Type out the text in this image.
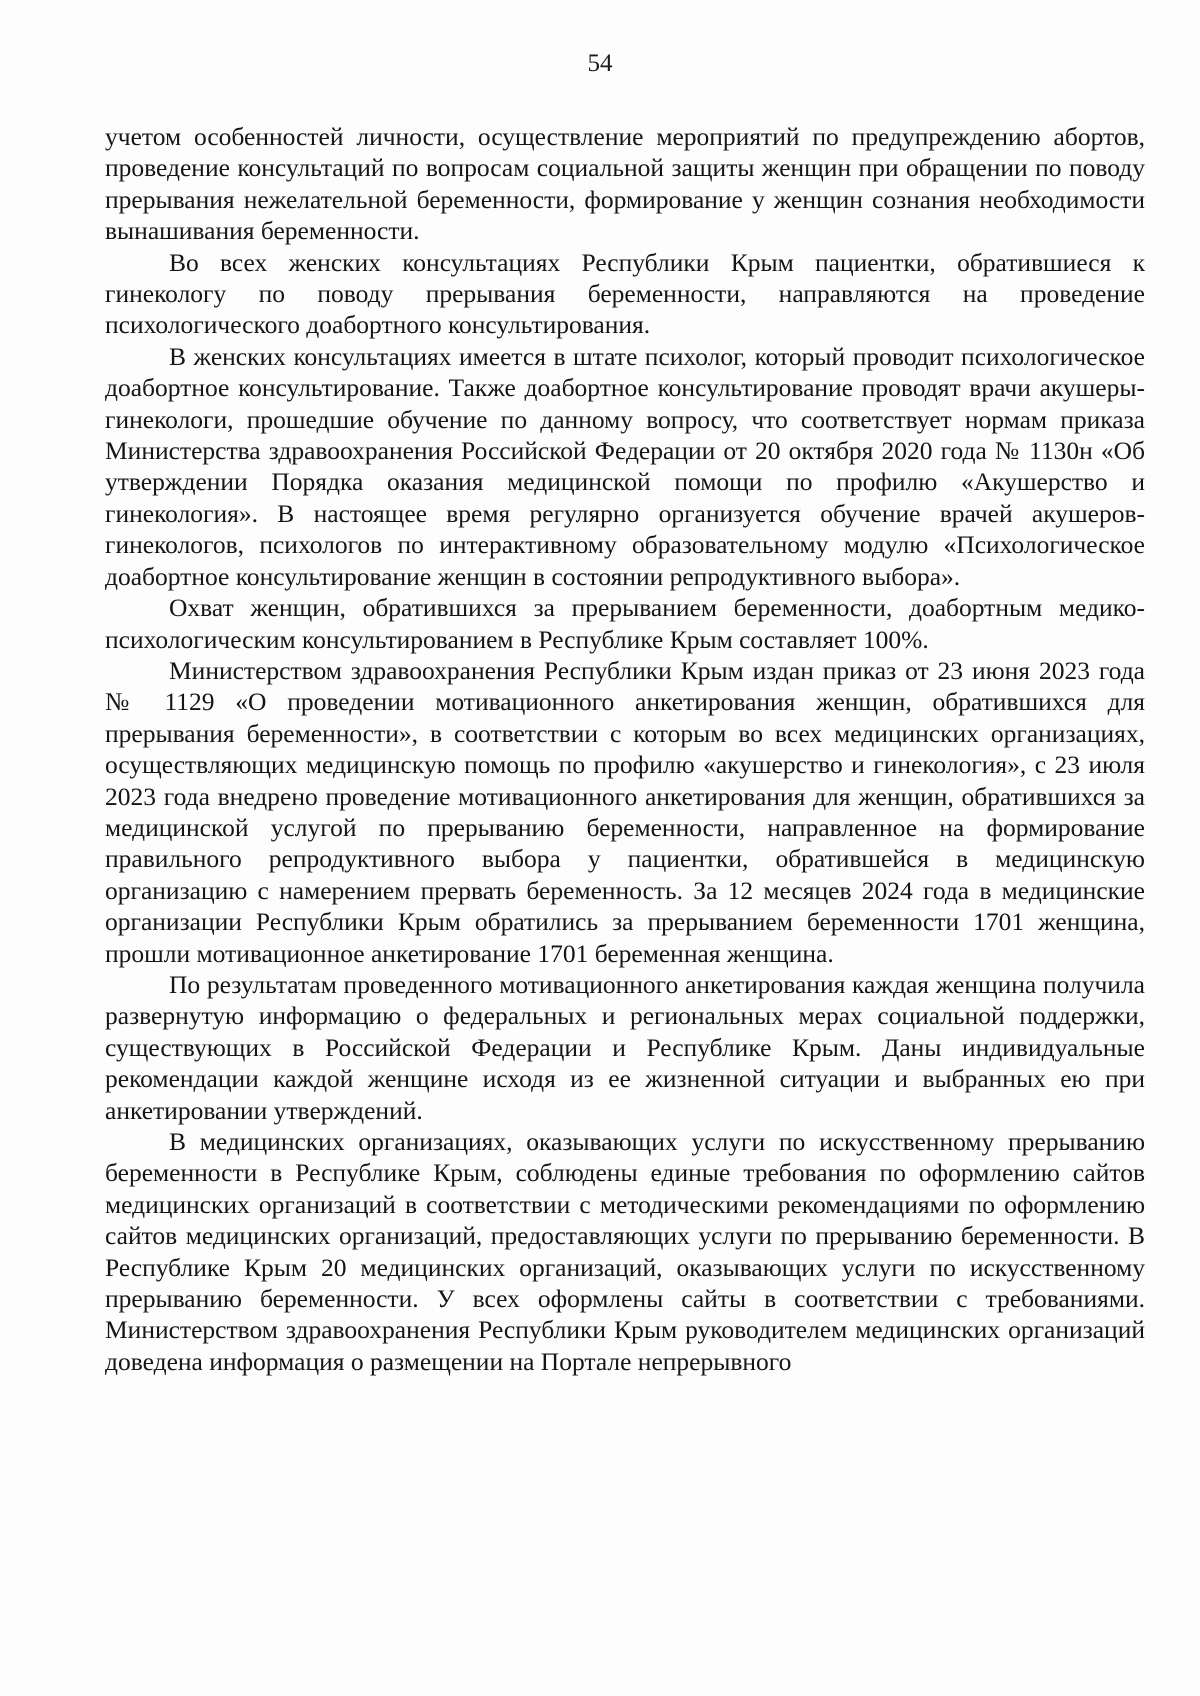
54

учетом особенностей личности, осуществление мероприятий по предупреждению абортов, проведение консультаций по вопросам социальной защиты женщин при обращении по поводу прерывания нежелательной беременности, формирование у женщин сознания необходимости вынашивания беременности.

Во всех женских консультациях Республики Крым пациентки, обратившиеся к гинекологу по поводу прерывания беременности, направляются на проведение психологического доабортного консультирования.

В женских консультациях имеется в штате психолог, который проводит психологическое доабортное консультирование. Также доабортное консультирование проводят врачи акушеры-гинекологи, прошедшие обучение по данному вопросу, что соответствует нормам приказа Министерства здравоохранения Российской Федерации от 20 октября 2020 года № 1130н «Об утверждении Порядка оказания медицинской помощи по профилю «Акушерство и гинекология». В настоящее время регулярно организуется обучение врачей акушеров-гинекологов, психологов по интерактивному образовательному модулю «Психологическое доабортное консультирование женщин в состоянии репродуктивного выбора».

Охват женщин, обратившихся за прерыванием беременности, доабортным медико-психологическим консультированием в Республике Крым составляет 100%.

Министерством здравоохранения Республики Крым издан приказ от 23 июня 2023 года № 1129 «О проведении мотивационного анкетирования женщин, обратившихся для прерывания беременности», в соответствии с которым во всех медицинских организациях, осуществляющих медицинскую помощь по профилю «акушерство и гинекология», с 23 июля 2023 года внедрено проведение мотивационного анкетирования для женщин, обратившихся за медицинской услугой по прерыванию беременности, направленное на формирование правильного репродуктивного выбора у пациентки, обратившейся в медицинскую организацию с намерением прервать беременность. За 12 месяцев 2024 года в медицинские организации Республики Крым обратились за прерыванием беременности 1701 женщина, прошли мотивационное анкетирование 1701 беременная женщина.

По результатам проведенного мотивационного анкетирования каждая женщина получила развернутую информацию о федеральных и региональных мерах социальной поддержки, существующих в Российской Федерации и Республике Крым. Даны индивидуальные рекомендации каждой женщине исходя из ее жизненной ситуации и выбранных ею при анкетировании утверждений.

В медицинских организациях, оказывающих услуги по искусственному прерыванию беременности в Республике Крым, соблюдены единые требования по оформлению сайтов медицинских организаций в соответствии с методическими рекомендациями по оформлению сайтов медицинских организаций, предоставляющих услуги по прерыванию беременности. В Республике Крым 20 медицинских организаций, оказывающих услуги по искусственному прерыванию беременности. У всех оформлены сайты в соответствии с требованиями. Министерством здравоохранения Республики Крым руководителем медицинских организаций доведена информация о размещении на Портале непрерывного
